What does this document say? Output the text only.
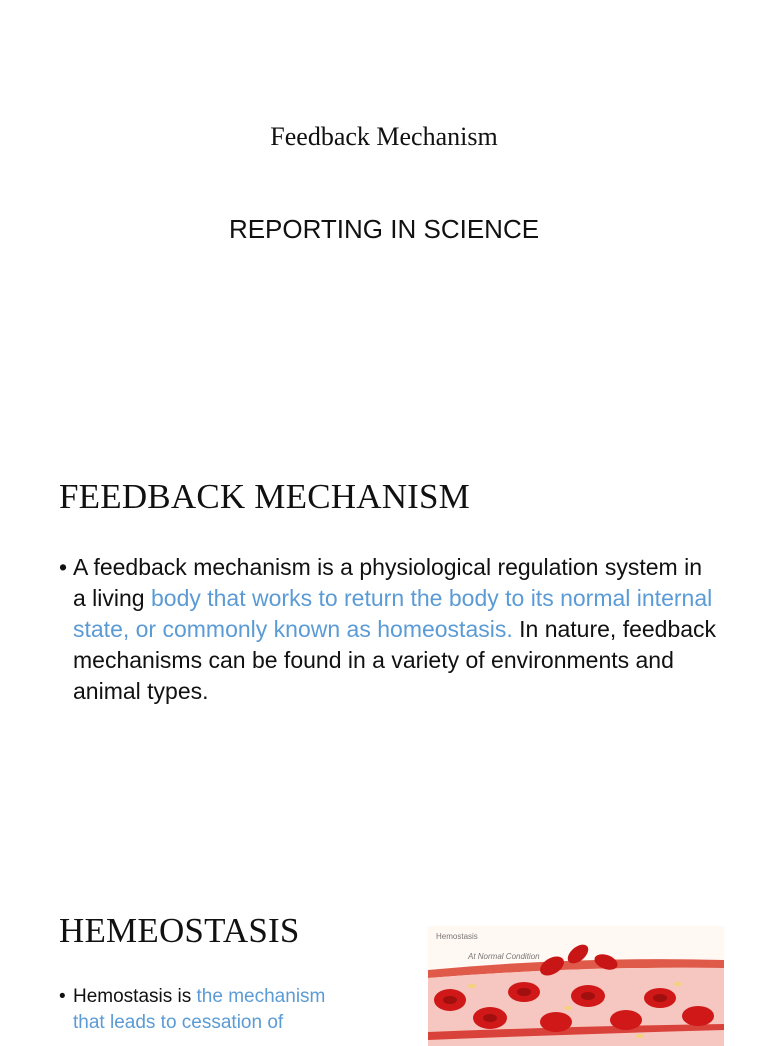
Feedback Mechanism
REPORTING IN SCIENCE
FEEDBACK MECHANISM
• A feedback mechanism is a physiological regulation system in a living body that works to return the body to its normal internal state, or commonly known as homeostasis. In nature, feedback mechanisms can be found in a variety of environments and animal types.
HEMEOSTASIS
• Hemostasis is the mechanism that leads to cessation of
Hemostasis
At Normal Condition
